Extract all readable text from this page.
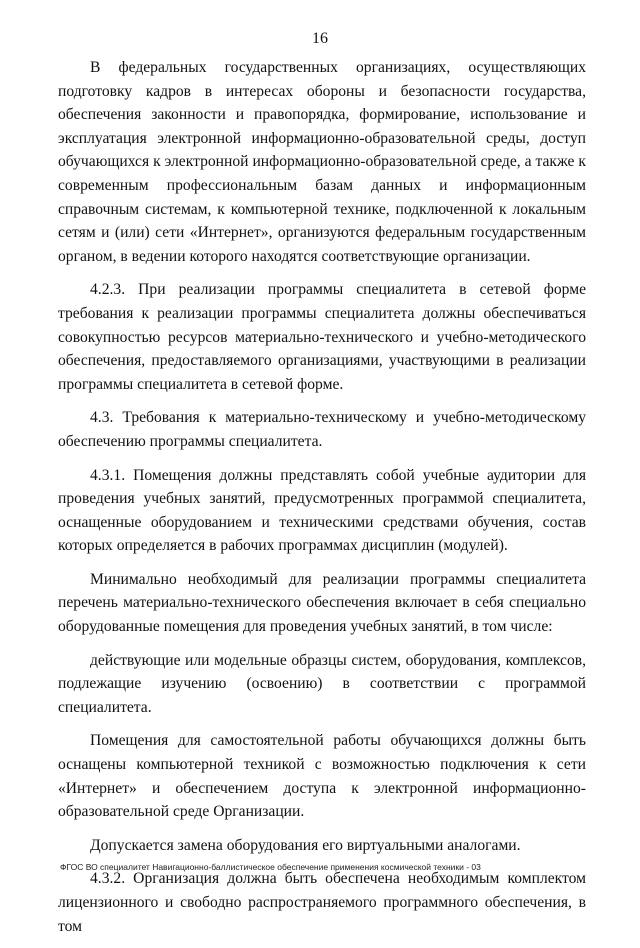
16

В федеральных государственных организациях, осуществляющих подготовку кадров в интересах обороны и безопасности государства, обеспечения законности и правопорядка, формирование, использование и эксплуатация электронной информационно-образовательной среды, доступ обучающихся к электронной информационно-образовательной среде, а также к современным профессиональным базам данных и информационным справочным системам, к компьютерной технике, подключенной к локальным сетям и (или) сети «Интернет», организуются федеральным государственным органом, в ведении которого находятся соответствующие организации.

4.2.3. При реализации программы специалитета в сетевой форме требования к реализации программы специалитета должны обеспечиваться совокупностью ресурсов материально-технического и учебно-методического обеспечения, предоставляемого организациями, участвующими в реализации программы специалитета в сетевой форме.

4.3. Требования к материально-техническому и учебно-методическому обеспечению программы специалитета.

4.3.1. Помещения должны представлять собой учебные аудитории для проведения учебных занятий, предусмотренных программой специалитета, оснащенные оборудованием и техническими средствами обучения, состав которых определяется в рабочих программах дисциплин (модулей).

Минимально необходимый для реализации программы специалитета перечень материально-технического обеспечения включает в себя специально оборудованные помещения для проведения учебных занятий, в том числе:

действующие или модельные образцы систем, оборудования, комплексов, подлежащие изучению (освоению) в соответствии с программой специалитета.

Помещения для самостоятельной работы обучающихся должны быть оснащены компьютерной техникой с возможностью подключения к сети «Интернет» и обеспечением доступа к электронной информационно-образовательной среде Организации.

Допускается замена оборудования его виртуальными аналогами.

4.3.2. Организация должна быть обеспечена необходимым комплектом лицензионного и свободно распространяемого программного обеспечения, в том

ФГОС ВО специалитет Навигационно-баллистическое обеспечение применения космической техники - 03
